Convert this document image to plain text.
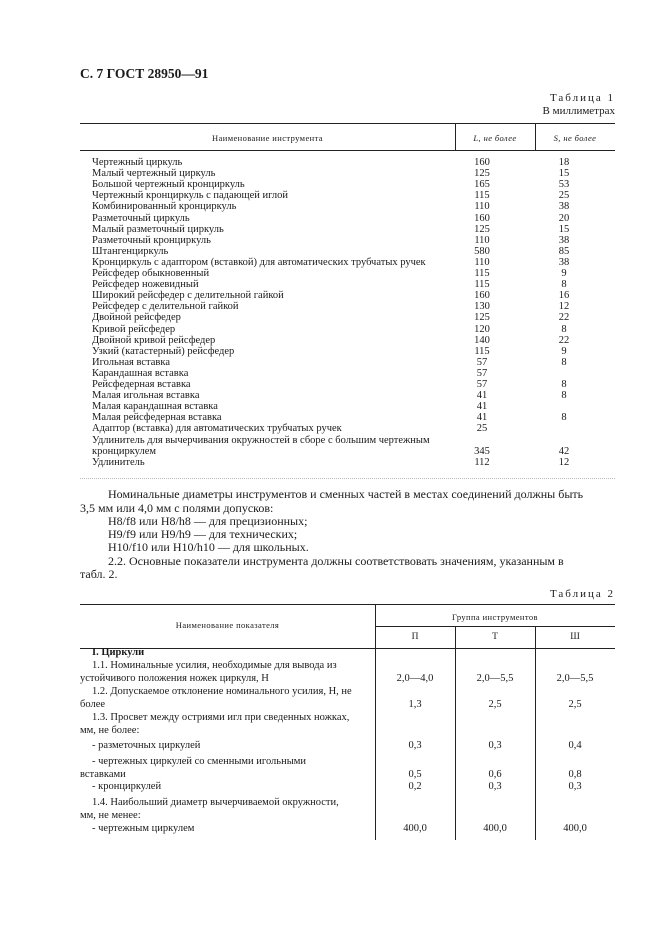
С. 7 ГОСТ 28950—91
Таблица 1
В миллиметрах
Наименование инструмента	L, не более	S, не более
Чертежный циркуль	160	18
Малый чертежный циркуль	125	15
Большой чертежный кронциркуль	165	53
Чертежный кронциркуль с падающей иглой	115	25
Комбинированный кронциркуль	110	38
Разметочный циркуль	160	20
Малый разметочный циркуль	125	15
Разметочный кронциркуль	110	38
Штангенциркуль	580	85
Кронциркуль с адаптором (вставкой) для автоматических трубчатых ручек	110	38
Рейсфедер обыкновенный	115	9
Рейсфедер ножевидный	115	8
Широкий рейсфедер с делительной гайкой	160	16
Рейсфедер с делительной гайкой	130	12
Двойной рейсфедер	125	22
Кривой рейсфедер	120	8
Двойной кривой рейсфедер	140	22
Узкий (катастерный) рейсфедер	115	9
Игольная вставка	57	8
Карандашная вставка	57
Рейсфедерная вставка	57	8
Малая игольная вставка	41	8
Малая карандашная вставка	41
Малая рейсфедерная вставка	41	8
Адаптор (вставка) для автоматических трубчатых ручек	25
Удлинитель для вычерчивания окружностей в сборе с большим чертежным
кронциркулем	345	42
Удлинитель	112	12
Номинальные диаметры инструментов и сменных частей в местах соединений должны быть
3,5 мм или 4,0 мм с полями допусков:
H8/f8 или H8/h8 — для прецизионных;
H9/f9 или H9/h9 — для технических;
H10/f10 или H10/h10 — для школьных.
2.2. Основные показатели инструмента должны соответствовать значениям, указанным в
табл. 2.
Таблица 2
Наименование показателя
Группа инструментов
П	Т	Ш
I. Циркули
1.1. Номинальные усилия, необходимые для вывода из
устойчивого положения ножек циркуля, Н	2,0—4,0	2,0—5,5	2,0—5,5
1.2. Допускаемое отклонение номинального усилия, Н, не
более	1,3	2,5	2,5
1.3. Просвет между остриями игл при сведенных ножках,
мм, не более:
- разметочных циркулей	0,3	0,3	0,4
- чертежных циркулей со сменными игольными
вставками	0,5	0,6	0,8
- кронциркулей	0,2	0,3	0,3
1.4. Наибольший диаметр вычерчиваемой окружности,
мм, не менее:
- чертежным циркулем	400,0	400,0	400,0
